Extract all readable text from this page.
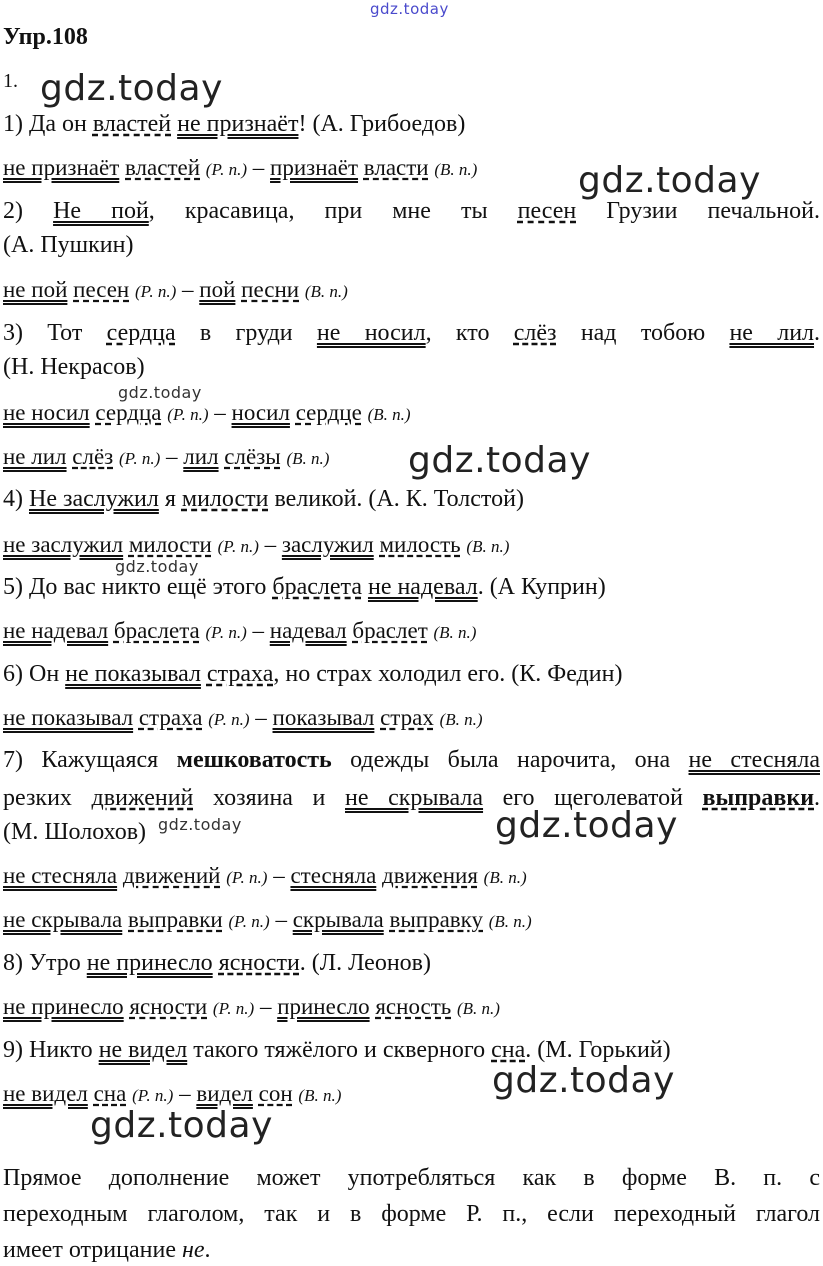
gdz.today
gdz.today
gdz.today
gdz.today
gdz.today
gdz.today
gdz.today	gdz.today
gdz.today
gdz.today
Упр.108
1.
1) Да он властей не признаёт! (А. Грибоедов)
не признаёт властей (Р. п.) – признаёт власти (В. п.)
2) Не пой, красавица, при мне ты песен Грузии печальной.
(А. Пушкин)
не пой песен (Р. п.) – пой песни (В. п.)
3) Тот сердца в груди не носил, кто слёз над тобою не лил.
(Н. Некрасов)
не носил сердца (Р. п.) – носил сердце (В. п.)
не лил слёз (Р. п.) – лил слёзы (В. п.)
4) Не заслужил я милости великой. (А. К. Толстой)
не заслужил милости (Р. п.) – заслужил милость (В. п.)
5) До вас никто ещё этого браслета не надевал. (А Куприн)
не надевал браслета (Р. п.) – надевал браслет (В. п.)
6) Он не показывал страха, но страх холодил его. (К. Федин)
не показывал страха (Р. п.) – показывал страх (В. п.)
7) Кажущаяся мешковатость одежды была нарочита, она не стесняла
резких движений хозяина и не скрывала его щеголеватой выправки.
(М. Шолохов)
не стесняла движений (Р. п.) – стесняла движения (В. п.)
не скрывала выправки (Р. п.) – скрывала выправку (В. п.)
8) Утро не принесло ясности. (Л. Леонов)
не принесло ясности (Р. п.) – принесло ясность (В. п.)
9) Никто не видел такого тяжёлого и скверного сна. (М. Горький)
не видел сна (Р. п.) – видел сон (В. п.)
Прямое дополнение может употребляться как в форме В. п. с
переходным глаголом, так и в форме Р. п., если переходный глагол
имеет отрицание не.
